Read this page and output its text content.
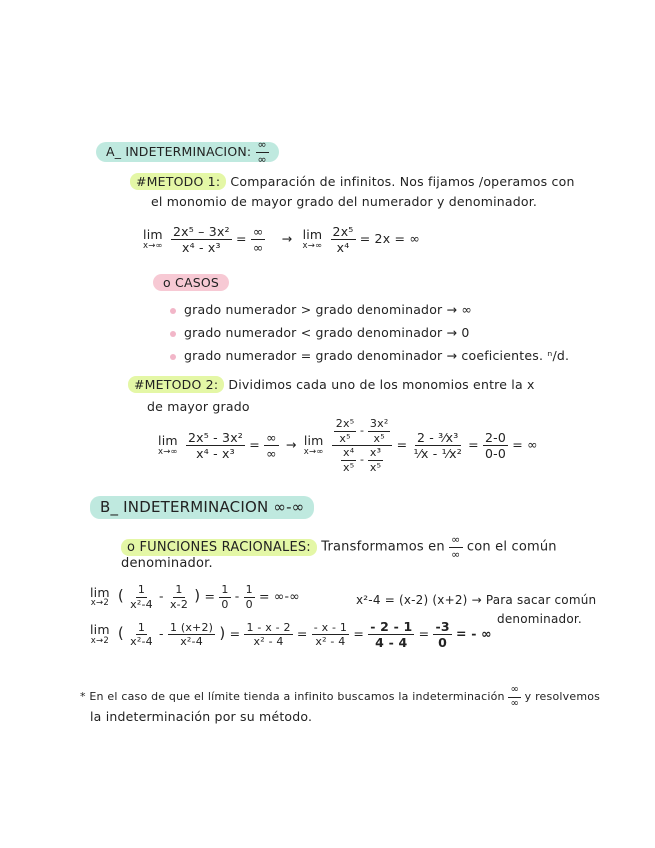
A_ INDETERMINACION: $\frac{\infty}{\infty}$
#METODO 1: Comparación de infinitos. Nos fijamos /operamos con
el monomio de mayor grado del numerador y denominador.
lim
x→∞
$\frac{\text{2x⁵ – 3x²}}{\text{x⁴ - x³}} = \frac{\infty}{\infty} \to \lim$
x→∞
$\frac{\text{2x⁵}}{\text{x⁴}} = 2x$ = ∞
o CASOS
grado numerador > grado denominador → ∞
grado numerador < grado denominador → 0
grado numerador = grado denominador → coeficientes. ⁿ/d.
#METODO 2: Dividimos cada uno de los monomios entre la x
de mayor grado
lim
x→∞
$\frac{\text{2x⁵ - 3x²}}{\text{x⁴ - x³}} = \frac{\infty}{\infty} \to \lim$
x→∞
$\frac{\frac{\text{2x⁵}}{\text{x⁵}} - \frac{\text{3x²}}{\text{x⁵}}}{\frac{\text{x⁴}}{\text{x⁵}} - \frac{\text{x³}}{\text{x⁵}}} = \frac{\text{2 - ³⁄x³}}{\text{¹⁄x - ¹⁄x²}} = \frac{2-0}{0-0}$ = ∞
B_ INDETERMINACION ∞-∞
o FUNCIONES RACIONALES: Transformamos en $\frac{\infty}{\infty}$ con el común
denominador.
lim
x→2 ( $\frac{1}{\text{x²-4}} - \frac{1}{x-2}$ ) = $\frac{1}{0} - \frac{1}{0}$ = ∞-∞	x²-4 = (x-2) (x+2) → Para sacar común
denominador.
lim
x→2 ( $\frac{1}{\text{x²-4}} - \frac{1 (x+2)}{\text{x²-4}}$ ) = $\frac{1 - x - 2}{\text{x² - 4}} = \frac{- x - 1}{\text{x² - 4}} = \frac{- 2 - 1}{4 - 4} = \frac{-3}{0}$ = - ∞
* En el caso de que el límite tienda a infinito buscamos la indeterminación $\frac{\infty}{\infty}$ y resolvemos
la indeterminación por su método.
